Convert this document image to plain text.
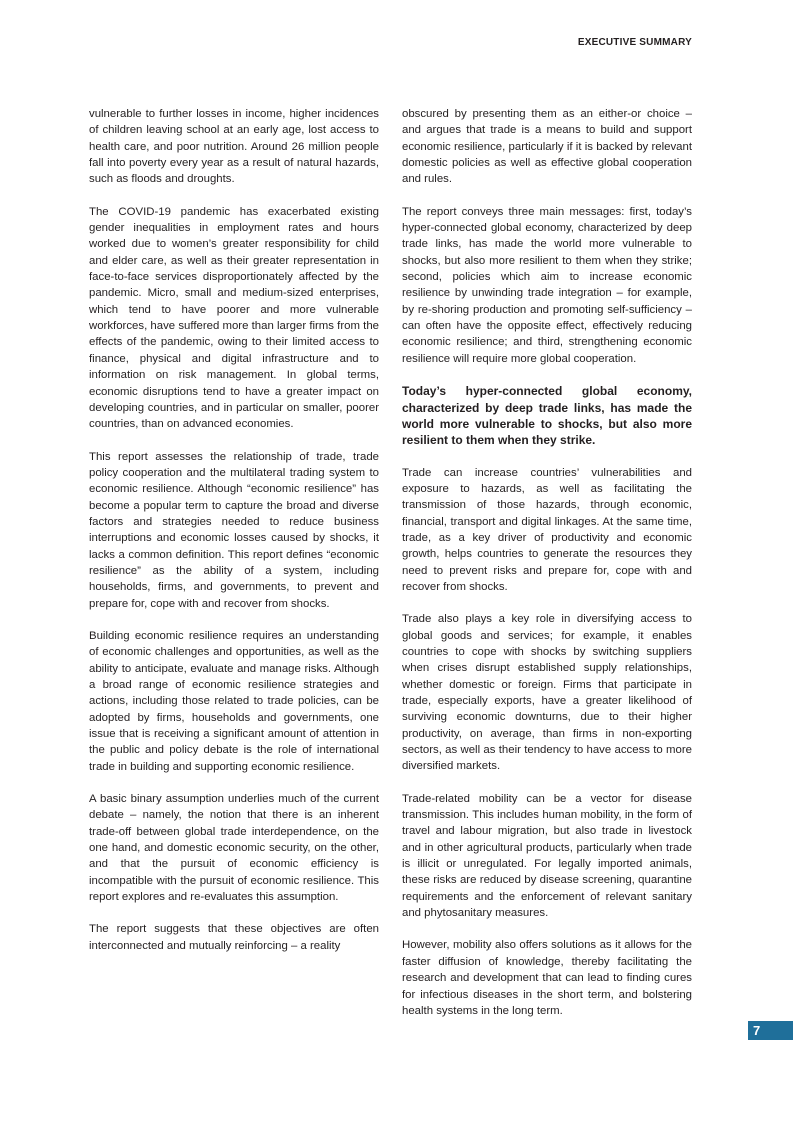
EXECUTIVE SUMMARY

vulnerable to further losses in income, higher incidences of children leaving school at an early age, lost access to health care, and poor nutrition. Around 26 million people fall into poverty every year as a result of natural hazards, such as floods and droughts.

The COVID-19 pandemic has exacerbated existing gender inequalities in employment rates and hours worked due to women’s greater responsibility for child and elder care, as well as their greater representation in face-to-face services disproportionately affected by the pandemic. Micro, small and medium-sized enterprises, which tend to have poorer and more vulnerable workforces, have suffered more than larger firms from the effects of the pandemic, owing to their limited access to finance, physical and digital infrastructure and to information on risk management. In global terms, economic disruptions tend to have a greater impact on developing countries, and in particular on smaller, poorer countries, than on advanced economies.

This report assesses the relationship of trade, trade policy cooperation and the multilateral trading system to economic resilience. Although “economic resilience” has become a popular term to capture the broad and diverse factors and strategies needed to reduce business interruptions and economic losses caused by shocks, it lacks a common definition. This report defines “economic resilience” as the ability of a system, including households, firms, and governments, to prevent and prepare for, cope with and recover from shocks.

Building economic resilience requires an understanding of economic challenges and opportunities, as well as the ability to anticipate, evaluate and manage risks. Although a broad range of economic resilience strategies and actions, including those related to trade policies, can be adopted by firms, households and governments, one issue that is receiving a significant amount of attention in the public and policy debate is the role of international trade in building and supporting economic resilience.

A basic binary assumption underlies much of the current debate – namely, the notion that there is an inherent trade-off between global trade interdependence, on the one hand, and domestic economic security, on the other, and that the pursuit of economic efficiency is incompatible with the pursuit of economic resilience. This report explores and re-evaluates this assumption.

The report suggests that these objectives are often interconnected and mutually reinforcing – a reality

obscured by presenting them as an either-or choice – and argues that trade is a means to build and support economic resilience, particularly if it is backed by relevant domestic policies as well as effective global cooperation and rules.

The report conveys three main messages: first, today’s hyper-connected global economy, characterized by deep trade links, has made the world more vulnerable to shocks, but also more resilient to them when they strike; second, policies which aim to increase economic resilience by unwinding trade integration – for example, by re-shoring production and promoting self-sufficiency – can often have the opposite effect, effectively reducing economic resilience; and third, strengthening economic resilience will require more global cooperation.

Today’s hyper-connected global economy, characterized by deep trade links, has made the world more vulnerable to shocks, but also more resilient to them when they strike.

Trade can increase countries’ vulnerabilities and exposure to hazards, as well as facilitating the transmission of those hazards, through economic, financial, transport and digital linkages. At the same time, trade, as a key driver of productivity and economic growth, helps countries to generate the resources they need to prevent risks and prepare for, cope with and recover from shocks.

Trade also plays a key role in diversifying access to global goods and services; for example, it enables countries to cope with shocks by switching suppliers when crises disrupt established supply relationships, whether domestic or foreign. Firms that participate in trade, especially exports, have a greater likelihood of surviving economic downturns, due to their higher productivity, on average, than firms in non-exporting sectors, as well as their tendency to have access to more diversified markets.

Trade-related mobility can be a vector for disease transmission. This includes human mobility, in the form of travel and labour migration, but also trade in livestock and in other agricultural products, particularly when trade is illicit or unregulated. For legally imported animals, these risks are reduced by disease screening, quarantine requirements and the enforcement of relevant sanitary and phytosanitary measures.

However, mobility also offers solutions as it allows for the faster diffusion of knowledge, thereby facilitating the research and development that can lead to finding cures for infectious diseases in the short term, and bolstering health systems in the long term.

7
